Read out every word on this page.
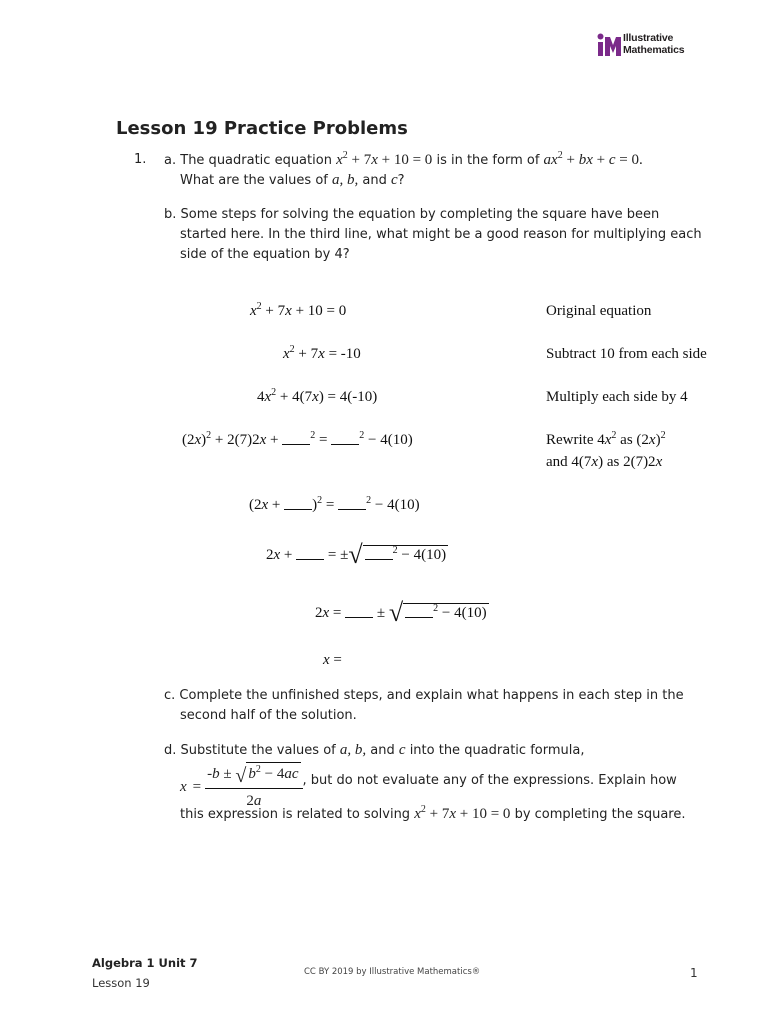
Illustrative
Mathematics
Lesson 19 Practice Problems
1. a. The quadratic equation $x^2 + 7x + 10 = 0$ is in the form of $ax^2$ + bx + c = 0.
What are the values of a, b, and c?
b. Some steps for solving the equation by completing the square have been
started here. In the third line, what might be a good reason for multiplying each
side of the equation by 4?
$x^2 + 7x + 10 = 0$	Original equation
$x^2 + 7x = -10$	Subtract 10 from each side
$4x^2 + 4(7x) = 4(-10)$	Multiply each side by 4
$(2x)^2 + 2(7)2x$ +	$^2$ =	$^2$ − 4(10)	Rewrite $4x^2$ as $(2x)^2$
and 4(7x) as 2(7)2x
$(2x + )^2$ =	$^2$ − 4(10)
2x +  = ±√	$^2$ − 4(10)
2x =  ± √	$^2$ − 4(10)
x =
c. Complete the unfinished steps, and explain what happens in each step in the
second half of the solution.
d. Substitute the values of a, b, and c into the quadratic formula,
$x = \frac{-b \pm √ b^2 - 4ac}{2a}$ , but do not evaluate any of the expressions. Explain how
this expression is related to solving $x^2 + 7x + 10 = 0$ by completing the square.
Algebra 1 Unit 7
Lesson 19
CC BY 2019 by Illustrative Mathematics®	1
